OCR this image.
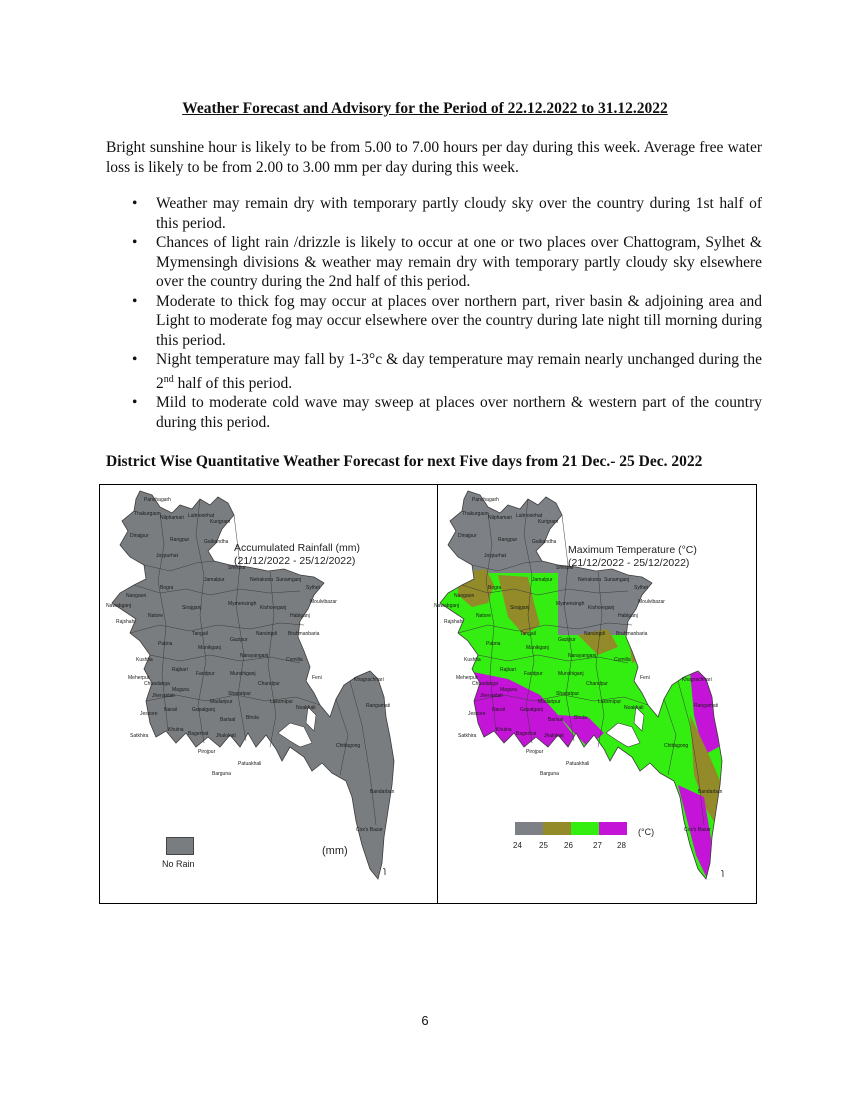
Weather Forecast and Advisory for the Period of 22.12.2022 to 31.12.2022
Bright sunshine hour is likely to be from 5.00 to 7.00 hours per day during this week. Average free water loss is likely to be from 2.00 to 3.00 mm per day during this week.
• Weather may remain dry with temporary partly cloudy sky over the country during 1st half of this period.
• Chances of light rain /drizzle is likely to occur at one or two places over Chattogram, Sylhet & Mymensingh divisions & weather may remain dry with temporary partly cloudy sky elsewhere over the country during the 2nd half of this period.
• Moderate to thick fog may occur at places over northern part, river basin & adjoining area and Light to moderate fog may occur elsewhere over the country during late night till morning during this period.
• Night temperature may fall by 1-3°c & day temperature may remain nearly unchanged during the 2nd half of this period.
• Mild to moderate cold wave may sweep at places over northern & western part of the country during this period.
District Wise Quantitative Weather Forecast for next Five days from 21 Dec.- 25 Dec. 2022
Panchagarh
Thakurgaon
Nilphamari Lalmonirhat
Kurigram
Dinajpur
Rangpur	Gaibandha
Joypurhat
Sherpur
Sunamganj
Sylhet
Naogaon
Bogra
Jamalpur	Netrakona
Nawabganj
Rajshahi
Natore
Sirajganj
Tangail
Mymensingh
Kishoreganj
Habiganj
Moulvibazar
Pabna
Gazipur
Narsingdi Brahmanbaria
Kushtia
Manikganj
Narayanganj
Comilla
Meherpur
Chuadanga
Rajbari
Munshiganj
Chandpur
Khagrachhari
Jhenaidah
Magura
Faridpur
Madaripur
Feni
Rangamati
Jessore
Narail	Gopalganj
Shariatpur
Laksmipur
Noakhali
Satkhira
Khulna
Bagerhat
Barisal Bhola
Chittagong
Pirojpur
Jhalokati
Patuakhali
Barguna
Bandarban
Cox's Bazar
Accumulated Rainfall (mm)
(21/12/2022 - 25/12/2022)
(mm)
No Rain
ɿ
Panchagarh
Thakurgaon
Nilphamari Lalmonirhat
Kurigram
Dinajpur
Rangpur	Gaibandha
Joypurhat
Sherpur
Sunamganj
Sylhet
Naogaon
Bogra
Jamalpur	Netrakona
Nawabganj
Rajshahi
Natore
Sirajganj
Tangail
Mymensingh
Kishoreganj
Habiganj
Moulvibazar
Pabna
Gazipur
Narsingdi Brahmanbaria
Kushtia
Manikganj
Narayanganj
Comilla
Meherpur
Chuadanga
Rajbari
Munshiganj
Chandpur
Khagrachhari
Jhenaidah
Magura
Faridpur
Madaripur
Feni
Rangamati
Jessore
Narail	Gopalganj
Shariatpur
Laksmipur
Noakhali
Satkhira
Khulna
Bagerhat
Barisal Bhola
Chittagong
Pirojpur
Jhalokati
Patuakhali
Barguna
Bandarban
Cox's Bazar
Maximum Temperature (°C)
(21/12/2022 - 25/12/2022)
24 25 26	27 28
(°C)
ɿ
6
